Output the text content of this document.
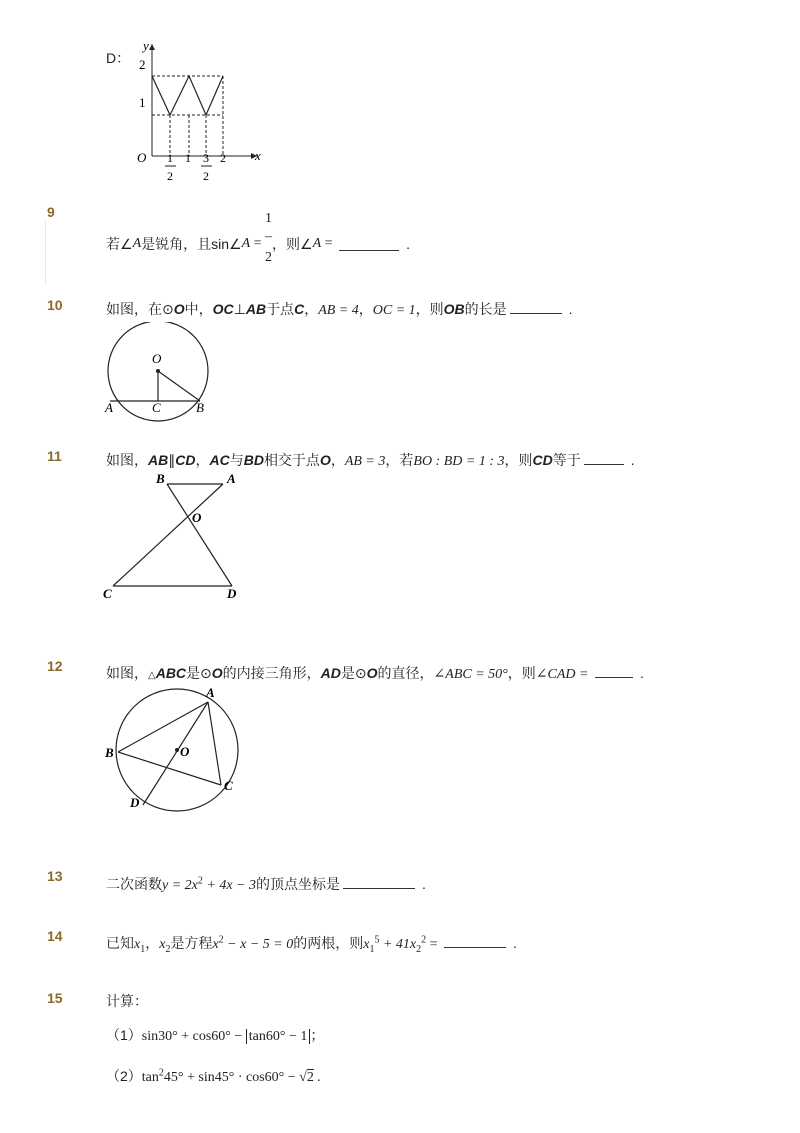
D：
y
x
O
2
1
1
2
1 3
2
2
9
若∠ A 是锐角，且sin∠ A =
1
–
2
，则∠ A =	.
10	如图，在⊙O中，OC⊥AB于点C，AB = 4，OC = 1，则OB的长是	.
O
A	C	B
11	如图，AB∥CD，AC与BD相交于点O，AB = 3，若BO : BD = 1 : 3，则CD等于	.
B	A
O
C	D
12	如图，△ABC是⊙O的内接三角形，AD是⊙O的直径，∠ABC = 50°，则∠CAD =	.
A
B	O
C
D
13	二次函数$y = 2x^2 + 4x - 3$的顶点坐标是	.
14	已知$x_1$，$x_2$是方程$x^2 - x - 5 = 0$的两根，则$x_1^5 + 41x_2^2$ =	.
15	计算：
（1）sin30° + cos60° − tan60° − 1 ；
$(2)\tan^245^\circ + \sin 45^\circ \cdot \cos 60^\circ - √2$ .
